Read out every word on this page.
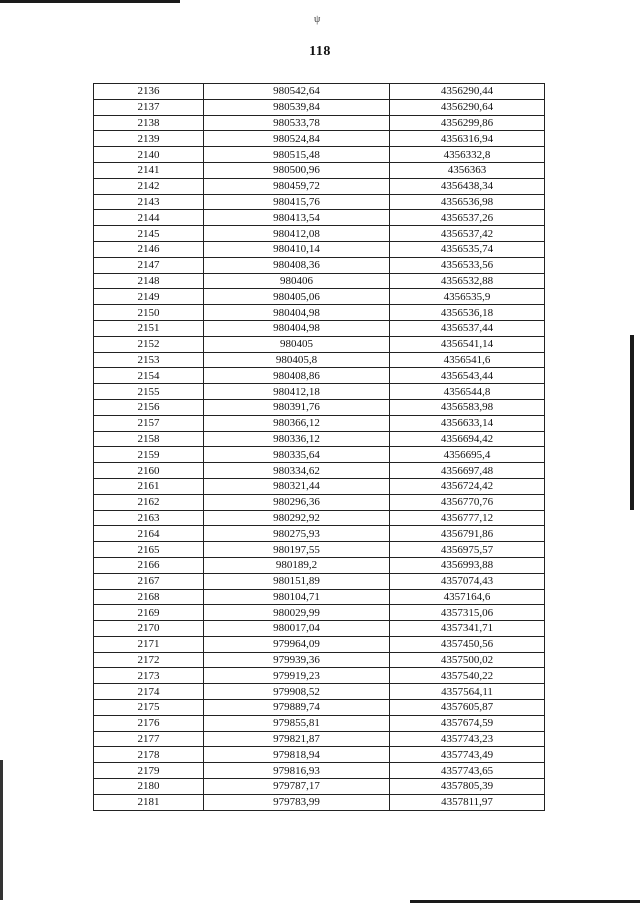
ψ
118
2136	980542,64	4356290,44
2137	980539,84	4356290,64
2138	980533,78	4356299,86
2139	980524,84	4356316,94
2140	980515,48	4356332,8
2141	980500,96	4356363
2142	980459,72	4356438,34
2143	980415,76	4356536,98
2144	980413,54	4356537,26
2145	980412,08	4356537,42
2146	980410,14	4356535,74
2147	980408,36	4356533,56
2148	980406	4356532,88
2149	980405,06	4356535,9
2150	980404,98	4356536,18
2151	980404,98	4356537,44
2152	980405	4356541,14
2153	980405,8	4356541,6
2154	980408,86	4356543,44
2155	980412,18	4356544,8
2156	980391,76	4356583,98
2157	980366,12	4356633,14
2158	980336,12	4356694,42
2159	980335,64	4356695,4
2160	980334,62	4356697,48
2161	980321,44	4356724,42
2162	980296,36	4356770,76
2163	980292,92	4356777,12
2164	980275,93	4356791,86
2165	980197,55	4356975,57
2166	980189,2	4356993,88
2167	980151,89	4357074,43
2168	980104,71	4357164,6
2169	980029,99	4357315,06
2170	980017,04	4357341,71
2171	979964,09	4357450,56
2172	979939,36	4357500,02
2173	979919,23	4357540,22
2174	979908,52	4357564,11
2175	979889,74	4357605,87
2176	979855,81	4357674,59
2177	979821,87	4357743,23
2178	979818,94	4357743,49
2179	979816,93	4357743,65
2180	979787,17	4357805,39
2181	979783,99	4357811,97
